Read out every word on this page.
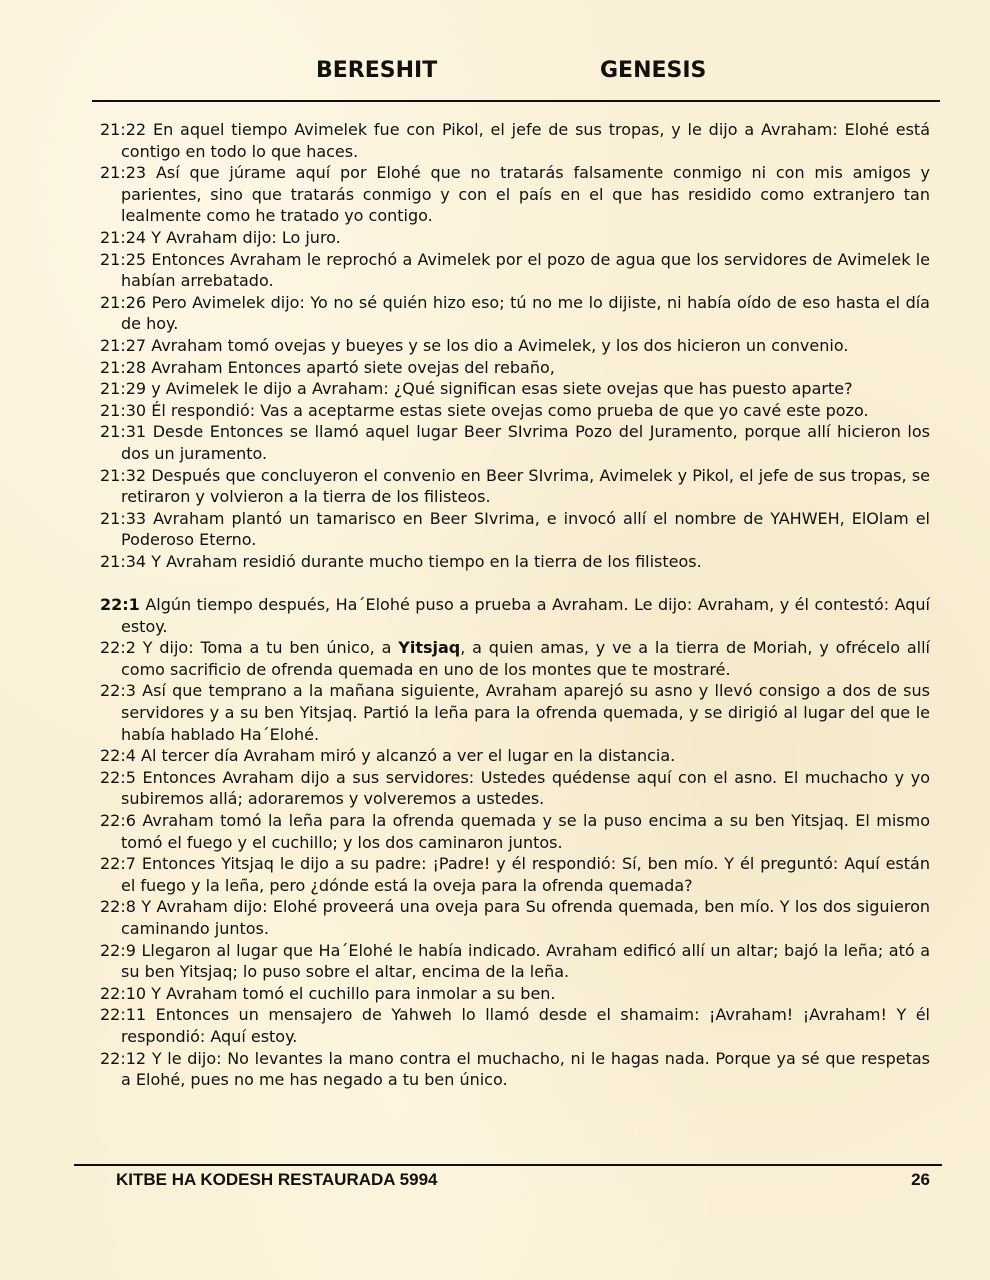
BERESHIT	GENESIS

21:22 En aquel tiempo Avimelek fue con Pikol, el jefe de sus tropas, y le dijo a Avraham: Elohé está contigo en todo lo que haces.

21:23 Así que júrame aquí por Elohé que no tratarás falsamente conmigo ni con mis amigos y parientes, sino que tratarás conmigo y con el país en el que has residido como extranjero tan lealmente como he tratado yo contigo.

21:24 Y Avraham dijo: Lo juro.

21:25 Entonces Avraham le reprochó a Avimelek por el pozo de agua que los servidores de Avimelek le habían arrebatado.

21:26 Pero Avimelek dijo: Yo no sé quién hizo eso; tú no me lo dijiste, ni había oído de eso hasta el día de hoy.

21:27 Avraham tomó ovejas y bueyes y se los dio a Avimelek, y los dos hicieron un convenio.

21:28 Avraham Entonces apartó siete ovejas del rebaño,

21:29 y Avimelek le dijo a Avraham: ¿Qué significan esas siete ovejas que has puesto aparte?

21:30 Él respondió: Vas a aceptarme estas siete ovejas como prueba de que yo cavé este pozo.

21:31 Desde Entonces se llamó aquel lugar Beer SIvrima Pozo del Juramento, porque allí hicieron los dos un juramento.

21:32 Después que concluyeron el convenio en Beer SIvrima, Avimelek y Pikol, el jefe de sus tropas, se retiraron y volvieron a la tierra de los filisteos.

21:33 Avraham plantó un tamarisco en Beer SIvrima, e invocó allí el nombre de YAHWEH, ElOlam el Poderoso Eterno.

21:34 Y Avraham residió durante mucho tiempo en la tierra de los filisteos.

22:1 Algún tiempo después, Ha´Elohé puso a prueba a Avraham. Le dijo: Avraham, y él contestó: Aquí estoy.

22:2 Y dijo: Toma a tu ben único, a Yitsjaq, a quien amas, y ve a la tierra de Moriah, y ofrécelo allí como sacrificio de ofrenda quemada en uno de los montes que te mostraré.

22:3 Así que temprano a la mañana siguiente, Avraham aparejó su asno y llevó consigo a dos de sus servidores y a su ben Yitsjaq. Partió la leña para la ofrenda quemada, y se dirigió al lugar del que le había hablado Ha´Elohé.

22:4 Al tercer día Avraham miró y alcanzó a ver el lugar en la distancia.

22:5 Entonces Avraham dijo a sus servidores: Ustedes quédense aquí con el asno. El muchacho y yo subiremos allá; adoraremos y volveremos a ustedes.

22:6 Avraham tomó la leña para la ofrenda quemada y se la puso encima a su ben Yitsjaq. El mismo tomó el fuego y el cuchillo; y los dos caminaron juntos.

22:7 Entonces Yitsjaq le dijo a su padre: ¡Padre! y él respondió: Sí, ben mío. Y él preguntó: Aquí están el fuego y la leña, pero ¿dónde está la oveja para la ofrenda quemada?

22:8 Y Avraham dijo: Elohé proveerá una oveja para Su ofrenda quemada, ben mío. Y los dos siguieron caminando juntos.

22:9 Llegaron al lugar que Ha´Elohé le había indicado. Avraham edificó allí un altar; bajó la leña; ató a su ben Yitsjaq; lo puso sobre el altar, encima de la leña.

22:10 Y Avraham tomó el cuchillo para inmolar a su ben.

22:11 Entonces un mensajero de Yahweh lo llamó desde el shamaim: ¡Avraham! ¡Avraham! Y él respondió: Aquí estoy.

22:12 Y le dijo: No levantes la mano contra el muchacho, ni le hagas nada. Porque ya sé que respetas a Elohé, pues no me has negado a tu ben único.

KITBE HA KODESH RESTAURADA 5994	26
